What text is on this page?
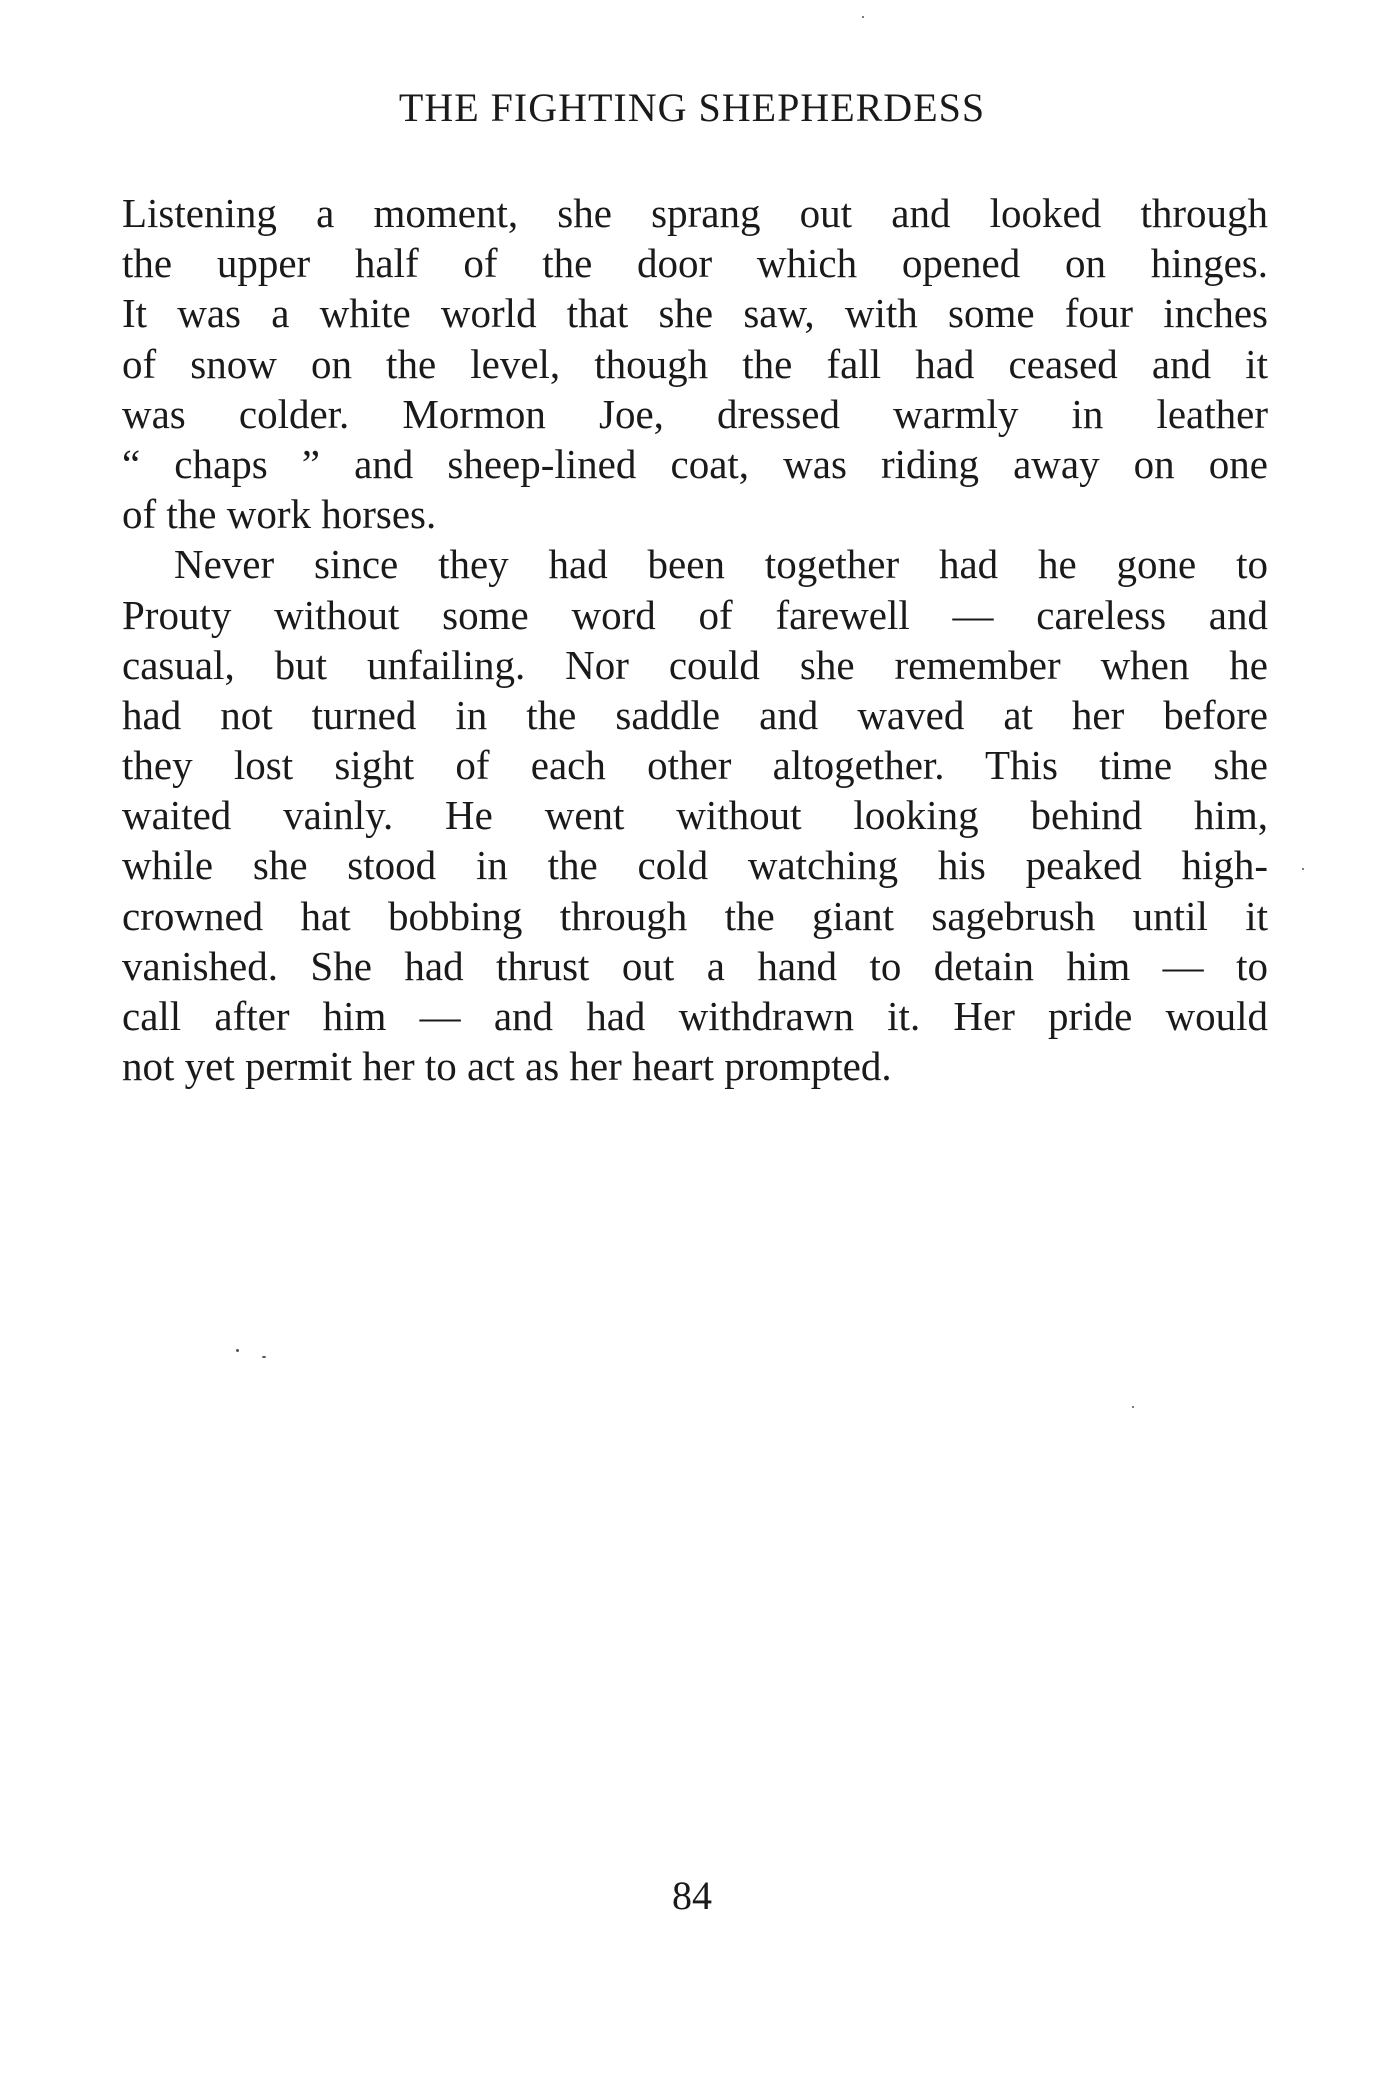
THE FIGHTING SHEPHERDESS
Listening a moment, she sprang out and looked through
the upper half of the door which opened on hinges.
It was a white world that she saw, with some four inches
of snow on the level, though the fall had ceased and it
was colder. Mormon Joe, dressed warmly in leather
“ chaps ” and sheep-lined coat, was riding away on one
of the work horses.
Never since they had been together had he gone to
Prouty without some word of farewell — careless and
casual, but unfailing. Nor could she remember when he
had not turned in the saddle and waved at her before
they lost sight of each other altogether. This time she
waited vainly. He went without looking behind him,
while she stood in the cold watching his peaked high-
crowned hat bobbing through the giant sagebrush until it
vanished. She had thrust out a hand to detain him — to
call after him — and had withdrawn it. Her pride would
not yet permit her to act as her heart prompted.
84
